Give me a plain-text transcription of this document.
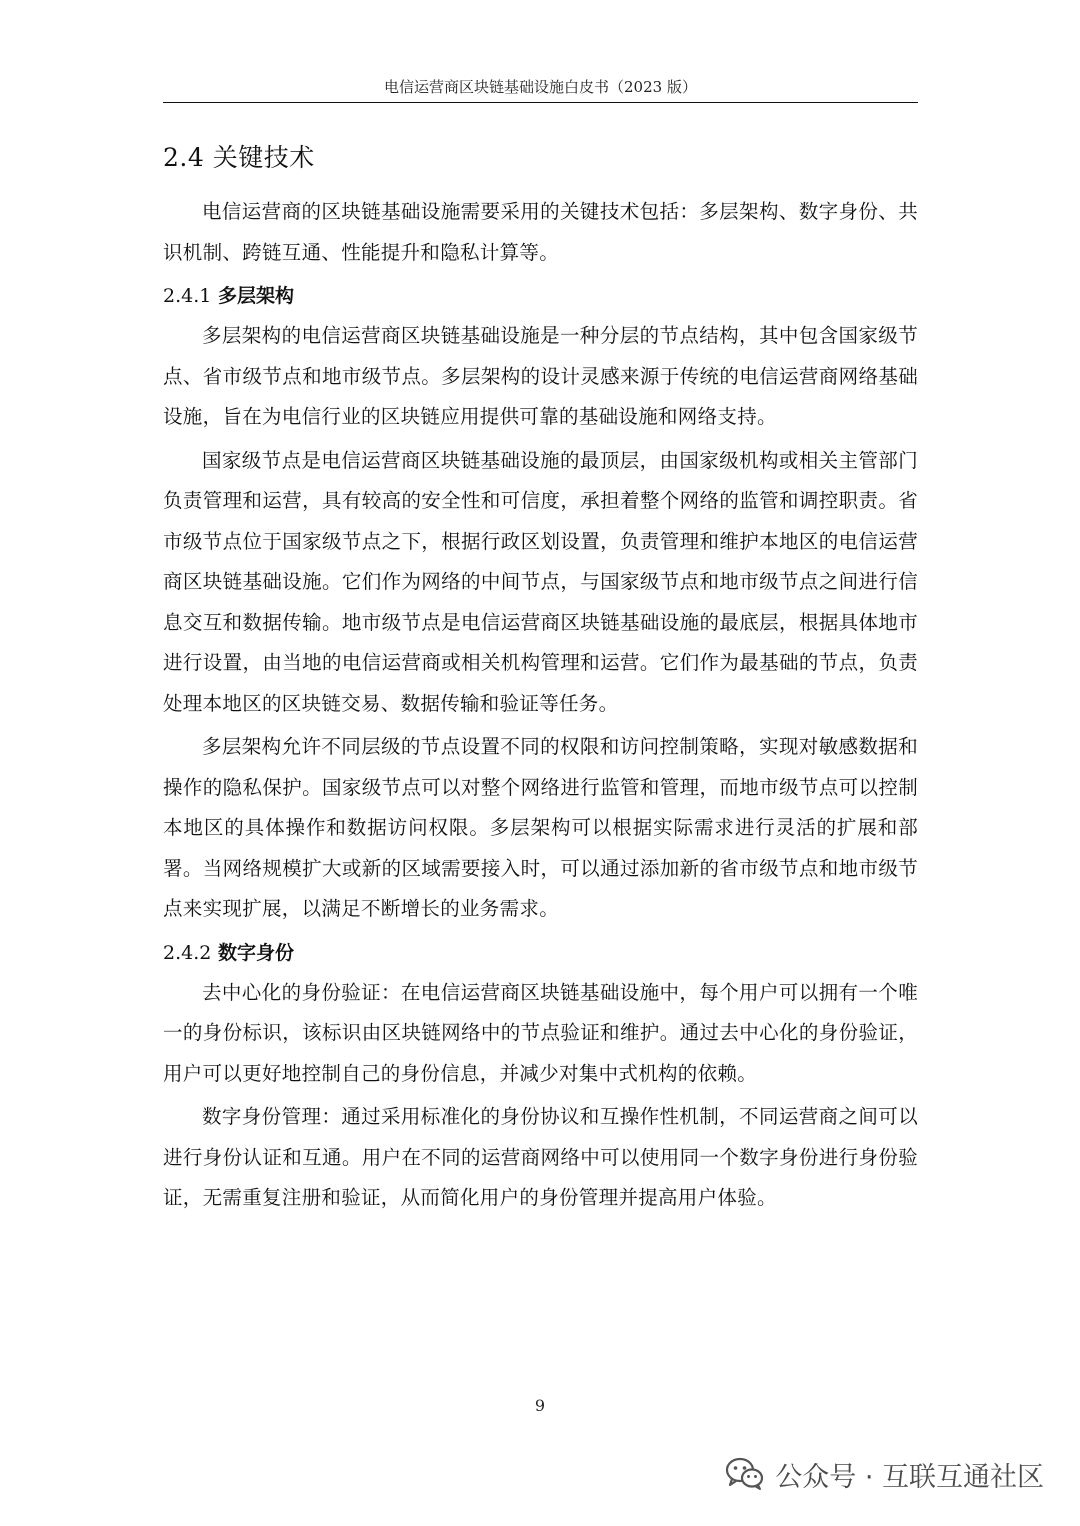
电信运营商区块链基础设施白皮书（2023 版）
2.4 关键技术

电信运营商的区块链基础设施需要采用的关键技术包括：多层架构、数字身份、共识机制、跨链互通、性能提升和隐私计算等。

2.4.1 多层架构

多层架构的电信运营商区块链基础设施是一种分层的节点结构，其中包含国家级节点、省市级节点和地市级节点。多层架构的设计灵感来源于传统的电信运营商网络基础设施，旨在为电信行业的区块链应用提供可靠的基础设施和网络支持。

国家级节点是电信运营商区块链基础设施的最顶层，由国家级机构或相关主管部门负责管理和运营，具有较高的安全性和可信度，承担着整个网络的监管和调控职责。省市级节点位于国家级节点之下，根据行政区划设置，负责管理和维护本地区的电信运营商区块链基础设施。它们作为网络的中间节点，与国家级节点和地市级节点之间进行信息交互和数据传输。地市级节点是电信运营商区块链基础设施的最底层，根据具体地市进行设置，由当地的电信运营商或相关机构管理和运营。它们作为最基础的节点，负责处理本地区的区块链交易、数据传输和验证等任务。

多层架构允许不同层级的节点设置不同的权限和访问控制策略，实现对敏感数据和操作的隐私保护。国家级节点可以对整个网络进行监管和管理，而地市级节点可以控制本地区的具体操作和数据访问权限。多层架构可以根据实际需求进行灵活的扩展和部署。当网络规模扩大或新的区域需要接入时，可以通过添加新的省市级节点和地市级节点来实现扩展，以满足不断增长的业务需求。

2.4.2 数字身份

去中心化的身份验证：在电信运营商区块链基础设施中，每个用户可以拥有一个唯一的身份标识，该标识由区块链网络中的节点验证和维护。通过去中心化的身份验证，用户可以更好地控制自己的身份信息，并减少对集中式机构的依赖。

数字身份管理：通过采用标准化的身份协议和互操作性机制，不同运营商之间可以进行身份认证和互通。用户在不同的运营商网络中可以使用同一个数字身份进行身份验证，无需重复注册和验证，从而简化用户的身份管理并提高用户体验。

9
公众号 · 互联互通社区
